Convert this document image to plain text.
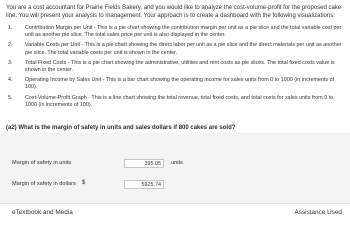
You are a cost accountant for Prairie Fields Bakery, and you would like to analyze the cost-volume-profit for the proposed cake line. You will present your analysis to management. Your approach is to create a dashboard with the following visualizations:
1. Contribution Margin per Unit - This is a pie chart showing the contribution margin per unit as a pie slice and the total variable cost per unit as another pie slice. The total sales price per unit is also displayed in the center.
2. Variable Costs per Unit - This is a pie chart showing the direct labor per unit as a pie slice and the direct materials per unit as another pie slice. The total variable costs per unit is shown in the center.
3. Total Fixed Costs - This is a pie chart showing the administrative, utilities and rent costs as pie slices. The total fixed costs value is shown in the center.
4. Operating Income by Sales Unit - This is a bar chart showing the operating income for sales units from 0 to 1000 (in increments of 100).
5. Cost-Volume-Profit Graph - This is a line chart showing the total revenue, total fixed costs, and total costs for sales units from 0 to 1000 (in increments of 100).
(a2) What is the margin of safety in units and sales dollars if 800 cakes are sold?
Margin of safety in units
395.05	units
Margin of safety in dollars $
5925.74
eTextbook and Media	Assistance Used
